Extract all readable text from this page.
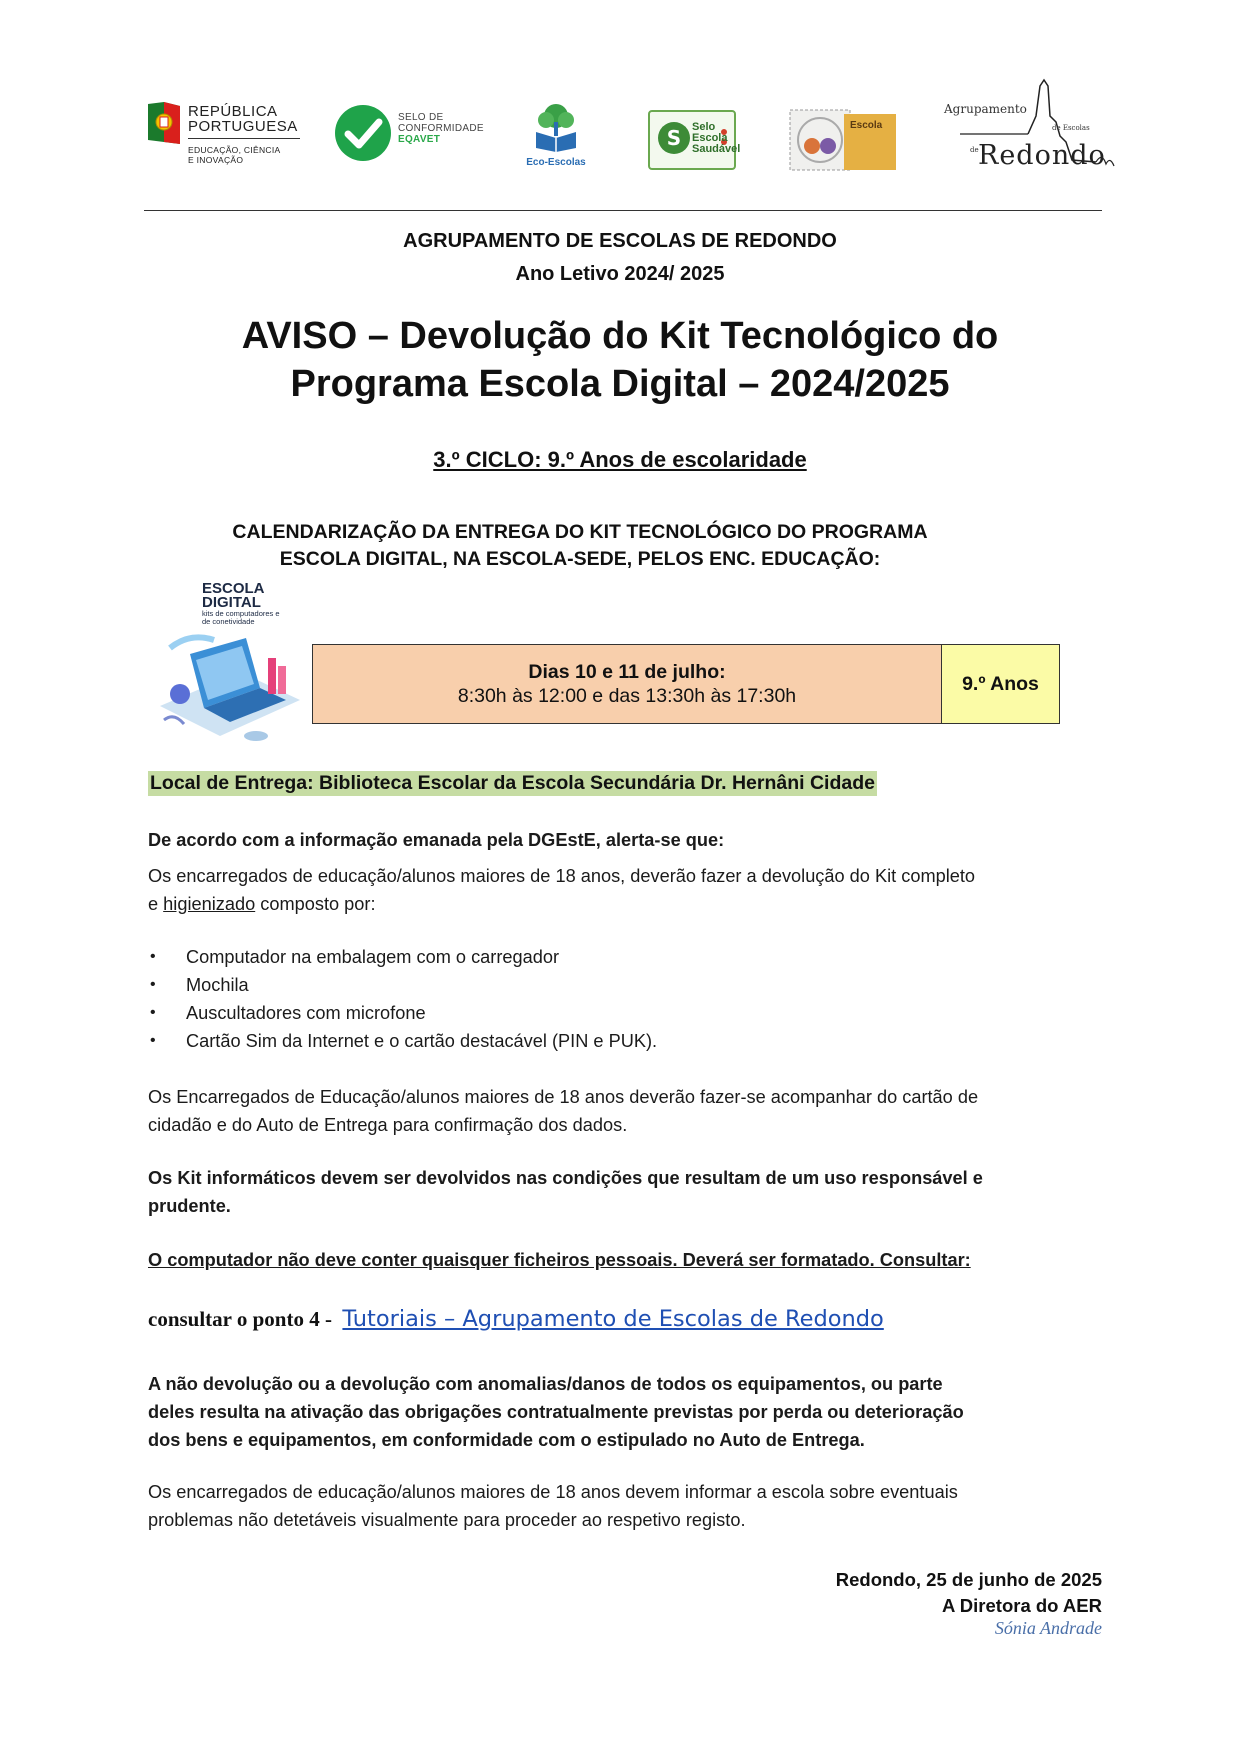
REPÚBLICA
PORTUGUESA
EDUCAÇÃO, CIÊNCIA
E INOVAÇÃO
SELO DE
CONFORMIDADE
EQAVET
Eco-Escolas
S Selo Escola Saudável
Escola
Agrupamento
de Escolas
de Redondo
AGRUPAMENTO DE ESCOLAS DE REDONDO
Ano Letivo 2024/ 2025
AVISO – Devolução do Kit Tecnológico do
Programa Escola Digital – 2024/2025
3.º CICLO: 9.º Anos de escolaridade
CALENDARIZAÇÃO DA ENTREGA DO KIT TECNOLÓGICO DO PROGRAMA
ESCOLA DIGITAL, NA ESCOLA-SEDE, PELOS ENC. EDUCAÇÃO:
ESCOLA
DIGITAL
kits de computadores e
de conetividade
Dias 10 e 11 de julho:
8:30h às 12:00 e das 13:30h às 17:30h	9.º Anos
Local de Entrega: Biblioteca Escolar da Escola Secundária Dr. Hernâni Cidade
De acordo com a informação emanada pela DGEstE, alerta-se que:
Os encarregados de educação/alunos maiores de 18 anos, deverão fazer a devolução do Kit completo
e higienizado composto por:
• Computador na embalagem com o carregador
• Mochila
• Auscultadores com microfone
• Cartão Sim da Internet e o cartão destacável (PIN e PUK).
Os Encarregados de Educação/alunos maiores de 18 anos deverão fazer-se acompanhar do cartão de
cidadão e do Auto de Entrega para confirmação dos dados.
Os Kit informáticos devem ser devolvidos nas condições que resultam de um uso responsável e
prudente.
O computador não deve conter quaisquer ficheiros pessoais. Deverá ser formatado. Consultar:
consultar o ponto 4 - Tutoriais – Agrupamento de Escolas de Redondo
A não devolução ou a devolução com anomalias/danos de todos os equipamentos, ou parte
deles resulta na ativação das obrigações contratualmente previstas por perda ou deterioração
dos bens e equipamentos, em conformidade com o estipulado no Auto de Entrega.
Os encarregados de educação/alunos maiores de 18 anos devem informar a escola sobre eventuais
problemas não detetáveis visualmente para proceder ao respetivo registo.
Redondo, 25 de junho de 2025
A Diretora do AER
Sónia Andrade
